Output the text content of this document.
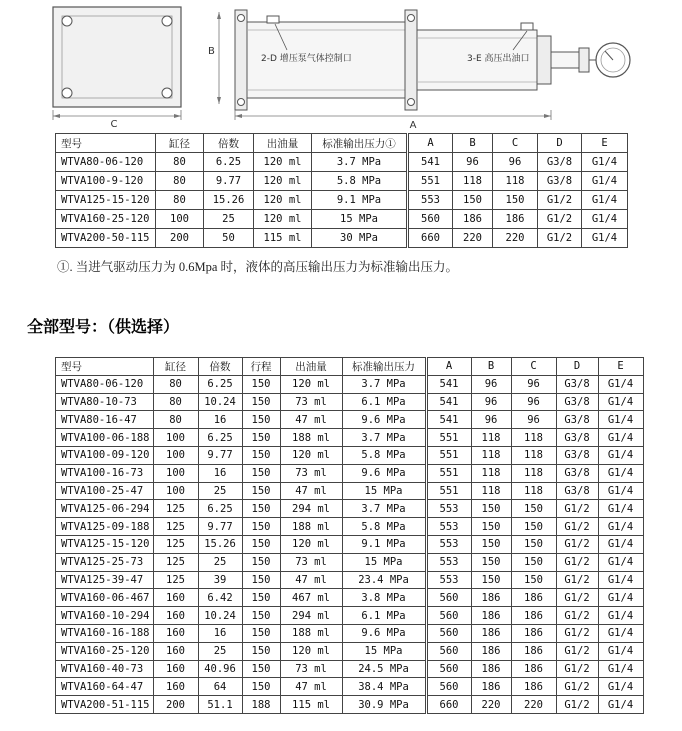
C
B
2-D 增压泵气体控制口	3-E 高压出油口
A
型号	缸径	倍数	出油量	标准输出压力①	A	B	C	D	E
WTVA80-06-120	80	6.25	120 ml	3.7 MPa	541	96	96	G3/8	G1/4
WTVA100-9-120	80	9.77	120 ml	5.8 MPa	551	118	118	G3/8	G1/4
WTVA125-15-120	80	15.26	120 ml	9.1 MPa	553	150	150	G1/2	G1/4
WTVA160-25-120	100	25	120 ml	15 MPa	560	186	186	G1/2	G1/4
WTVA200-50-115	200	50	115 ml	30 MPa	660	220	220	G1/2	G1/4
①. 当进气驱动压力为 0.6Mpa 时，液体的高压输出压力为标准输出压力。
全部型号：（供选择）
型号	缸径	倍数	行程	出油量	标准输出压力	A	B	C	D	E
WTVA80-06-120	80	6.25	150	120 ml	3.7 MPa	541	96	96	G3/8	G1/4
WTVA80-10-73	80	10.24	150	73 ml	6.1 MPa	541	96	96	G3/8	G1/4
WTVA80-16-47	80	16	150	47 ml	9.6 MPa	541	96	96	G3/8	G1/4
WTVA100-06-188	100	6.25	150	188 ml	3.7 MPa	551	118	118	G3/8	G1/4
WTVA100-09-120	100	9.77	150	120 ml	5.8 MPa	551	118	118	G3/8	G1/4
WTVA100-16-73	100	16	150	73 ml	9.6 MPa	551	118	118	G3/8	G1/4
WTVA100-25-47	100	25	150	47 ml	15 MPa	551	118	118	G3/8	G1/4
WTVA125-06-294	125	6.25	150	294 ml	3.7 MPa	553	150	150	G1/2	G1/4
WTVA125-09-188	125	9.77	150	188 ml	5.8 MPa	553	150	150	G1/2	G1/4
WTVA125-15-120	125	15.26	150	120 ml	9.1 MPa	553	150	150	G1/2	G1/4
WTVA125-25-73	125	25	150	73 ml	15 MPa	553	150	150	G1/2	G1/4
WTVA125-39-47	125	39	150	47 ml	23.4 MPa	553	150	150	G1/2	G1/4
WTVA160-06-467	160	6.42	150	467 ml	3.8 MPa	560	186	186	G1/2	G1/4
WTVA160-10-294	160	10.24	150	294 ml	6.1 MPa	560	186	186	G1/2	G1/4
WTVA160-16-188	160	16	150	188 ml	9.6 MPa	560	186	186	G1/2	G1/4
WTVA160-25-120	160	25	150	120 ml	15 MPa	560	186	186	G1/2	G1/4
WTVA160-40-73	160	40.96	150	73 ml	24.5 MPa	560	186	186	G1/2	G1/4
WTVA160-64-47	160	64	150	47 ml	38.4 MPa	560	186	186	G1/2	G1/4
WTVA200-51-115	200	51.1	188	115 ml	30.9 MPa	660	220	220	G1/2	G1/4
